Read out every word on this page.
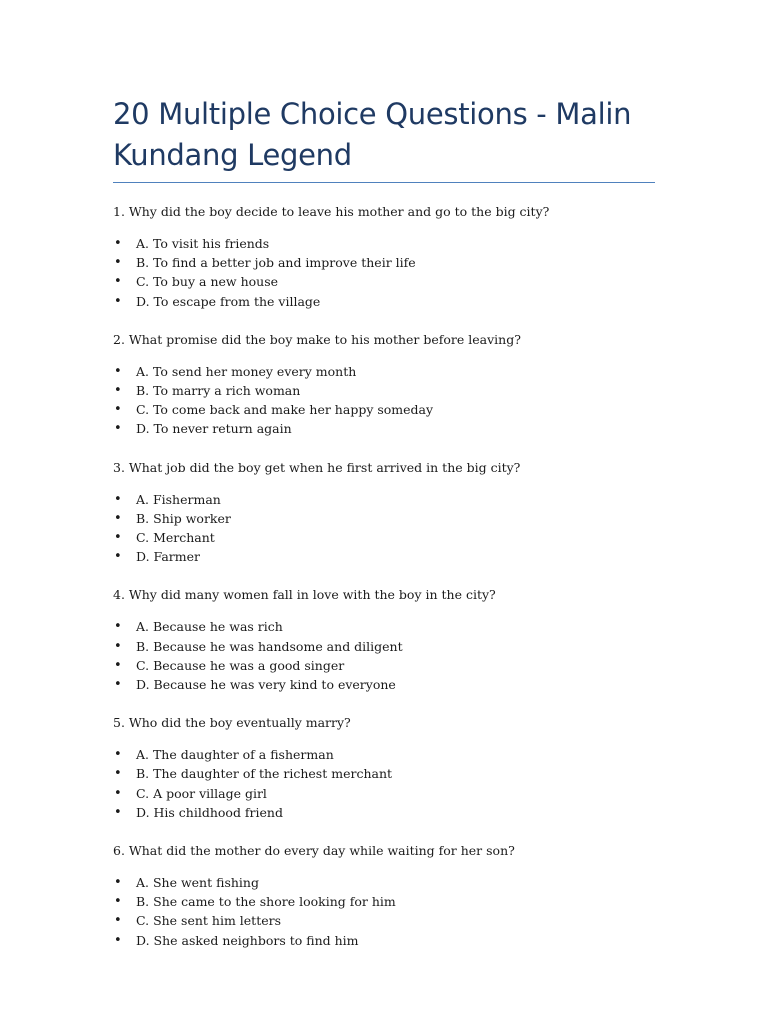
20 Multiple Choice Questions - Malin Kundang Legend

1. Why did the boy decide to leave his mother and go to the big city?

• A. To visit his friends
• B. To find a better job and improve their life
• C. To buy a new house
• D. To escape from the village

2. What promise did the boy make to his mother before leaving?

• A. To send her money every month
• B. To marry a rich woman
• C. To come back and make her happy someday
• D. To never return again

3. What job did the boy get when he first arrived in the big city?

• A. Fisherman
• B. Ship worker
• C. Merchant
• D. Farmer

4. Why did many women fall in love with the boy in the city?

• A. Because he was rich
• B. Because he was handsome and diligent
• C. Because he was a good singer
• D. Because he was very kind to everyone

5. Who did the boy eventually marry?

• A. The daughter of a fisherman
• B. The daughter of the richest merchant
• C. A poor village girl
• D. His childhood friend

6. What did the mother do every day while waiting for her son?

• A. She went fishing
• B. She came to the shore looking for him
• C. She sent him letters
• D. She asked neighbors to find him
